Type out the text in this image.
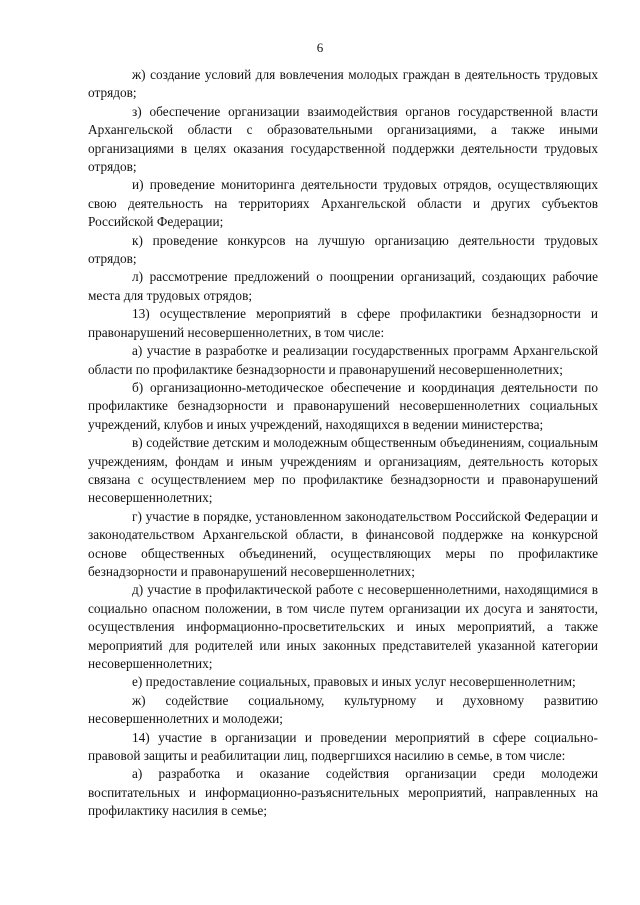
6

ж) создание условий для вовлечения молодых граждан в деятельность трудовых отрядов;

з) обеспечение организации взаимодействия органов государственной власти Архангельской области с образовательными организациями, а также иными организациями в целях оказания государственной поддержки деятельности трудовых отрядов;

и) проведение мониторинга деятельности трудовых отрядов, осуществляющих свою деятельность на территориях Архангельской области и других субъектов Российской Федерации;

к) проведение конкурсов на лучшую организацию деятельности трудовых отрядов;

л) рассмотрение предложений о поощрении организаций, создающих рабочие места для трудовых отрядов;

13) осуществление мероприятий в сфере профилактики безнадзорности и правонарушений несовершеннолетних, в том числе:

а) участие в разработке и реализации государственных программ Архангельской области по профилактике безнадзорности и правонарушений несовершеннолетних;

б) организационно-методическое обеспечение и координация деятельности по профилактике безнадзорности и правонарушений несовершеннолетних социальных учреждений, клубов и иных учреждений, находящихся в ведении министерства;

в) содействие детским и молодежным общественным объединениям, социальным учреждениям, фондам и иным учреждениям и организациям, деятельность которых связана с осуществлением мер по профилактике безнадзорности и правонарушений несовершеннолетних;

г) участие в порядке, установленном законодательством Российской Федерации и законодательством Архангельской области, в финансовой поддержке на конкурсной основе общественных объединений, осуществляющих меры по профилактике безнадзорности и правонарушений несовершеннолетних;

д) участие в профилактической работе с несовершеннолетними, находящимися в социально опасном положении, в том числе путем организации их досуга и занятости, осуществления информационно-просветительских и иных мероприятий, а также мероприятий для родителей или иных законных представителей указанной категории несовершеннолетних;

е) предоставление социальных, правовых и иных услуг несовершеннолетним;

ж) содействие социальному, культурному и духовному развитию несовершеннолетних и молодежи;

14) участие в организации и проведении мероприятий в сфере социально-правовой защиты и реабилитации лиц, подвергшихся насилию в семье, в том числе:

а) разработка и оказание содействия организации среди молодежи воспитательных и информационно-разъяснительных мероприятий, направленных на профилактику насилия в семье;
